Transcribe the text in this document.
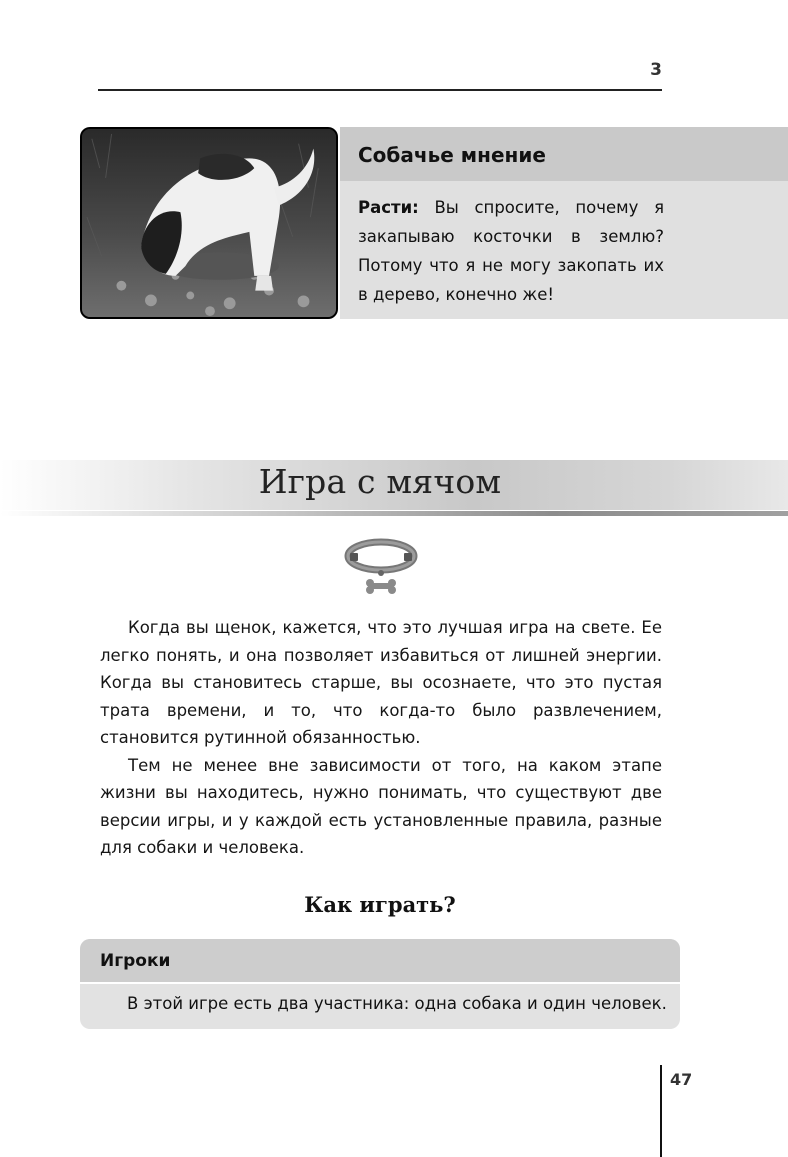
3
Собачье мнение
Расти: Вы спросите, почему я закапываю косточки в землю? Потому что я не могу закопать их в дерево, конечно же!
Игра с мячом

Когда вы щенок, кажется, что это лучшая игра на свете. Ее легко понять, и она позволяет избавиться от лишней энергии. Когда вы становитесь старше, вы осознаете, что это пустая трата времени, и то, что когда-то было развлечением, становится рутинной обязанностью.

Тем не менее вне зависимости от того, на каком этапе жизни вы находитесь, нужно понимать, что существуют две версии игры, и у каждой есть установленные правила, разные для собаки и человека.

Как играть?
Игроки
В этой игре есть два участника: одна собака и один человек.
47
